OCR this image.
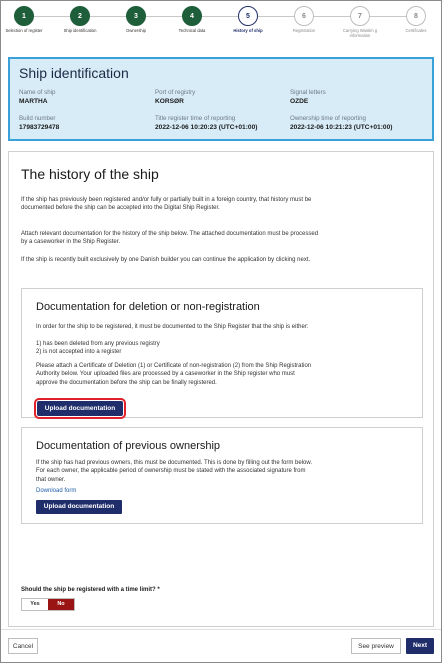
1
Selection of register
2
Ship identification
3
Ownership
4
Technical data
5
History of ship
6
Registration
7
Carrying Wastim g information
8
Certificates
Ship identification
Name of ship
MARTHA
Port of registry
KORSØR
Signal letters
OZDE
Build number
17983729478
Title register time of reporting
2022-12-06 10:20:23 (UTC+01:00)
Ownership time of reporting
2022-12-06 10:21:23 (UTC+01:00)
The history of the ship

If the ship has previously been registered and/or fully or partially built in a foreign country, that history must be documented before the ship can be accepted into the Digital Ship Register.

Attach relevant documentation for the history of the ship below. The attached documentation must be processed by a caseworker in the Ship Register.

If the ship is recently built exclusively by one Danish builder you can continue the application by clicking next.

Documentation for deletion or non-registration

In order for the ship to be registered, it must be documented to the Ship Register that the ship is either:

1) has been deleted from any previous registry

2) is not accepted into a register

Please attach a Certificate of Deletion (1) or Certificate of non-registration (2) from the Ship Registration Authority below. Your uploaded files are processed by a caseworker in the Ship register who must approve the documentation before the ship can be finally registered.

Upload documentation
Documentation of previous ownership

If the ship has had previous owners, this must be documented. This is done by filling out the form below. For each owner, the applicable period of ownership must be stated with the associated signature from that owner.

Download form
Upload documentation
Should the ship be registered with a time limit? *
Yes	No
Cancel	See preview	Next
